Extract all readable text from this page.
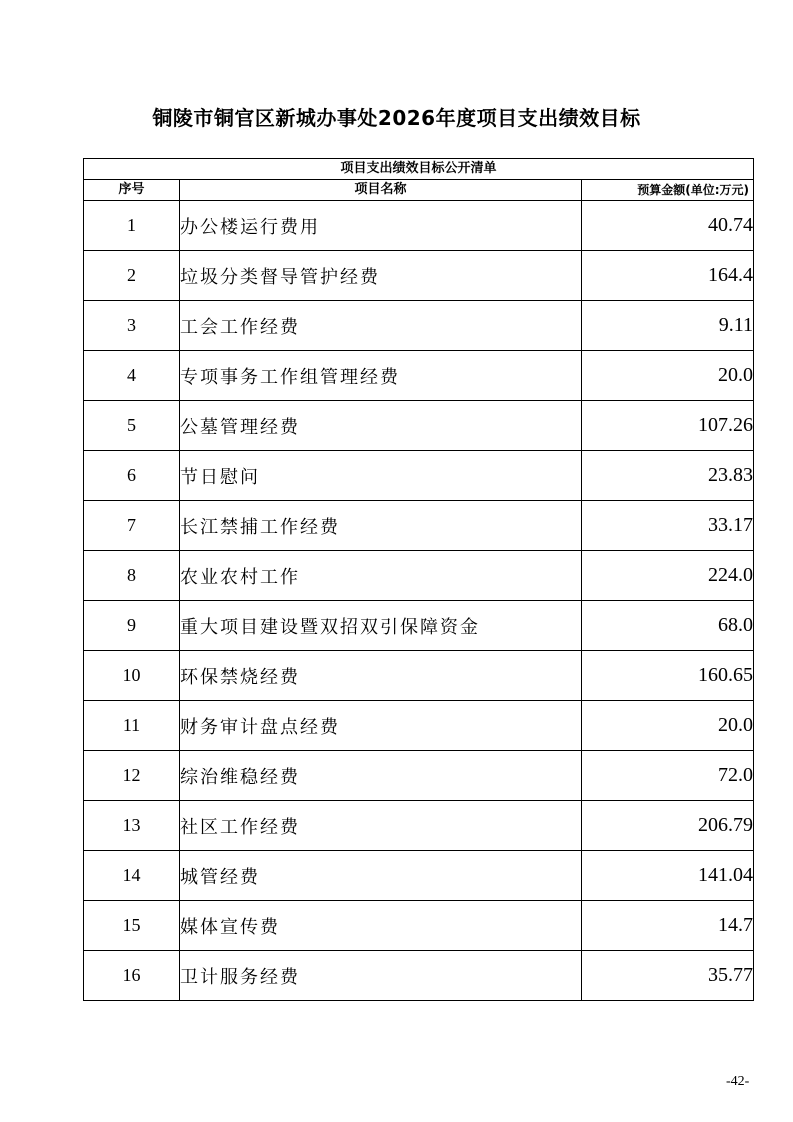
铜陵市铜官区新城办事处2026年度项目支出绩效目标
项目支出绩效目标公开清单		
序号	项目名称	预算金额(单位:万元)
1	办公楼运行费用	40.74
2	垃圾分类督导管护经费	164.4
3	工会工作经费	9.11
4	专项事务工作组管理经费	20.0
5	公墓管理经费	107.26
6	节日慰问	23.83
7	长江禁捕工作经费	33.17
8	农业农村工作	224.0
9	重大项目建设暨双招双引保障资金	68.0
10	环保禁烧经费	160.65
11	财务审计盘点经费	20.0
12	综治维稳经费	72.0
13	社区工作经费	206.79
14	城管经费	141.04
15	媒体宣传费	14.7
16	卫计服务经费	35.77
-42-
